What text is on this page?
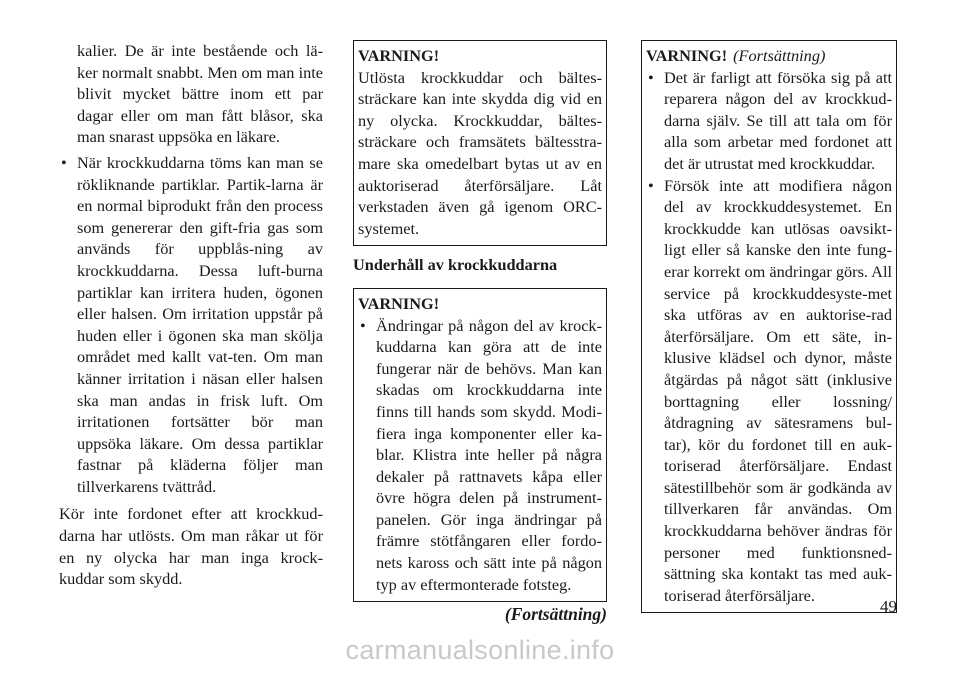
kalier. De är inte bestående och lä-ker normalt snabbt. Men om man inte blivit mycket bättre inom ett par dagar eller om man fått blåsor, ska man snarast uppsöka en läkare.

• När krockkuddarna töms kan man se rökliknande partiklar. Partik-larna är en normal biprodukt från den process som genererar den gift-fria gas som används för uppblås-ning av krockkuddarna. Dessa luft-burna partiklar kan irritera huden, ögonen eller halsen. Om irritation uppstår på huden eller i ögonen ska man skölja området med kallt vat-ten. Om man känner irritation i näsan eller halsen ska man andas in frisk luft. Om irritationen fortsätter bör man uppsöka läkare. Om dessa partiklar fastnar på kläderna följer man tillverkarens tvättråd.

Kör inte fordonet efter att krockkud-darna har utlösts. Om man råkar ut för en ny olycka har man inga krock-kuddar som skydd.

VARNING!
Utlösta krockkuddar och bältes-sträckare kan inte skydda dig vid en ny olycka. Krockkuddar, bältes-sträckare och framsätets bältesstra-mare ska omedelbart bytas ut av en auktoriserad återförsäljare. Låt verkstaden även gå igenom ORC-systemet.
Underhåll av krockkuddarna
VARNING!
• Ändringar på någon del av krock-kuddarna kan göra att de inte fungerar när de behövs. Man kan skadas om krockkuddarna inte finns till hands som skydd. Modi-fiera inga komponenter eller ka-blar. Klistra inte heller på några dekaler på rattnavets kåpa eller övre högra delen på instrument-panelen. Gör inga ändringar på främre stötfångaren eller fordo-nets kaross och sätt inte på någon typ av eftermonterade fotsteg.
(Fortsättning)
VARNING! (Fortsättning)
• Det är farligt att försöka sig på att reparera någon del av krockkud-darna själv. Se till att tala om för alla som arbetar med fordonet att det är utrustat med krockkuddar.
• Försök inte att modifiera någon del av krockkuddesystemet. En krockkudde kan utlösas oavsikt-ligt eller så kanske den inte fung-erar korrekt om ändringar görs. All service på krockkuddesyste-met ska utföras av en auktorise-rad återförsäljare. Om ett säte, in-klusive klädsel och dynor, måste åtgärdas på något sätt (inklusive borttagning eller lossning/ åtdragning av sätesramens bul-tar), kör du fordonet till en auk-toriserad återförsäljare. Endast sätestillbehör som är godkända av tillverkaren får användas. Om krockkuddarna behöver ändras för personer med funktionsned-sättning ska kontakt tas med auk-toriserad återförsäljare.
49
carmanualsonline.info
